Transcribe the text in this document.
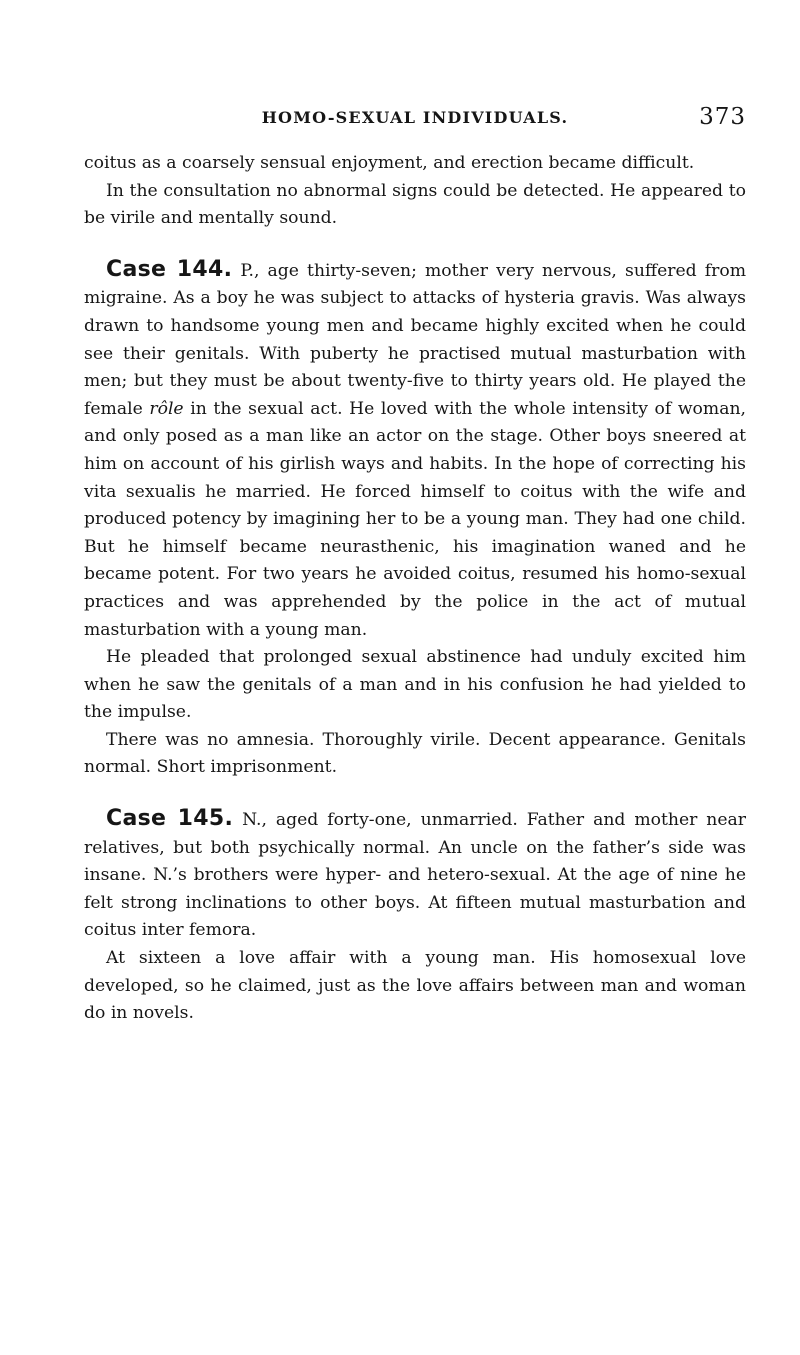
HOMO-SEXUAL INDIVIDUALS.	373

coitus as a coarsely sensual enjoyment, and erection became difficult.

In the consultation no abnormal signs could be detected. He appeared to be virile and mentally sound.

Case 144. P., age thirty-seven; mother very nervous, suffered from migraine. As a boy he was subject to attacks of hysteria gravis. Was always drawn to handsome young men and became highly excited when he could see their genitals. With puberty he practised mutual masturbation with men; but they must be about twenty-five to thirty years old. He played the female rôle in the sexual act. He loved with the whole intensity of woman, and only posed as a man like an actor on the stage. Other boys sneered at him on account of his girlish ways and habits. In the hope of correcting his vita sexualis he married. He forced himself to coitus with the wife and produced potency by imagining her to be a young man. They had one child. But he himself became neurasthenic, his imagination waned and he became potent. For two years he avoided coitus, resumed his homo-sexual practices and was apprehended by the police in the act of mutual masturbation with a young man.

He pleaded that prolonged sexual abstinence had unduly excited him when he saw the genitals of a man and in his confusion he had yielded to the impulse.

There was no amnesia. Thoroughly virile. Decent appearance. Genitals normal. Short imprisonment.

Case 145. N., aged forty-one, unmarried. Father and mother near relatives, but both psychically normal. An uncle on the father’s side was insane. N.’s brothers were hyper- and hetero-sexual. At the age of nine he felt strong inclinations to other boys. At fifteen mutual masturbation and coitus inter femora.

At sixteen a love affair with a young man. His homosexual love developed, so he claimed, just as the love affairs between man and woman do in novels.
